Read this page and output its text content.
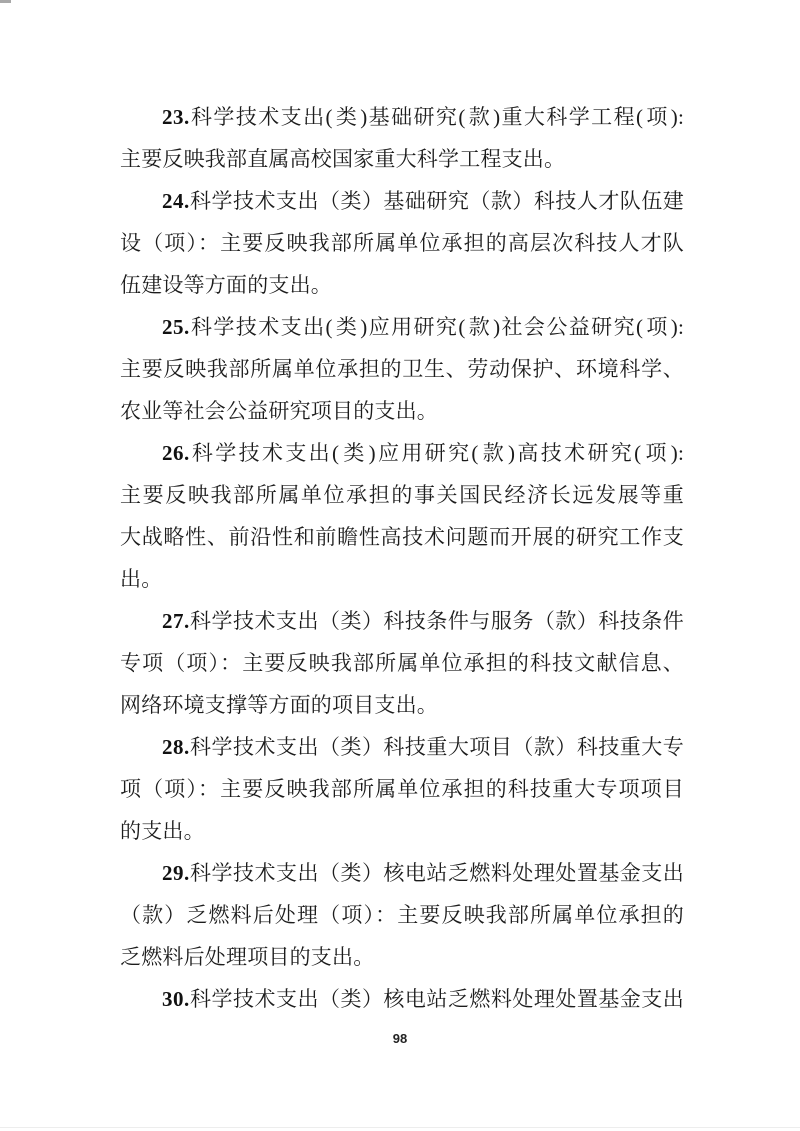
23.科学技术支出( 类 )基础研究( 款 )重大科学工程( 项 ):
主要反映我部直属高校国家重大科学工程支出。
24.科学技术支出（类）基础研究（款）科技人才队伍建
设（项）：主要反映我部所属单位承担的高层次科技人才队
伍建设等方面的支出。
25.科学技术支出( 类 )应用研究( 款 )社会公益研究( 项 ):
主要反映我部所属单位承担的卫生、劳动保护、环境科学、
农业等社会公益研究项目的支出。
26.科学技术支出( 类 )应用研究( 款 )高技术研究( 项 ):
主要反映我部所属单位承担的事关国民经济长远发展等重
大战略性、前沿性和前瞻性高技术问题而开展的研究工作支
出。
27.科学技术支出（类）科技条件与服务（款）科技条件
专项（项）：主要反映我部所属单位承担的科技文献信息、
网络环境支撑等方面的项目支出。
28.科学技术支出（类）科技重大项目（款）科技重大专
项（项）：主要反映我部所属单位承担的科技重大专项项目
的支出。
29.科学技术支出（类）核电站乏燃料处理处置基金支出
（款）乏燃料后处理（项）：主要反映我部所属单位承担的
乏燃料后处理项目的支出。
30.科学技术支出（类）核电站乏燃料处理处置基金支出
98
